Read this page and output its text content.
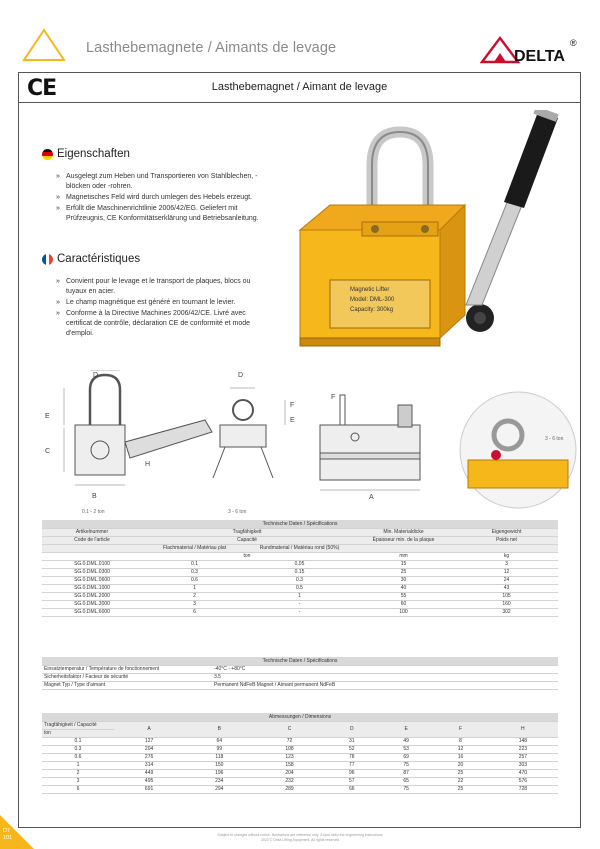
Lasthebemagnete / Aimants de levage	DELTA
®
CE	Lasthebemagnet / Aimant de levage
Eigenschaften
» Ausgelegt zum Heben und Transportieren von Stahlblechen, -blöcken oder -rohren.
» Magnetisches Feld wird durch umlegen des Hebels erzeugt.
» Erfüllt die Maschinenrichtlinie 2006/42/EG. Geliefert mit Prüfzeugnis, CE Konformitätserklärung und Betriebsanleitung.
Caractéristiques
» Convient pour le levage et le transport de plaques, blocs ou tuyaux en acier.
» Le champ magnétique est généré en tournant le levier.
» Conforme à la Directive Machines 2006/42/CE. Livré avec certificat de contrôle, déclaration CE de conformité et mode d'emploi.
Magnetic Lifter
Model: DML-300
Capacity: 300kg
D
E
C
H
B
0.1 - 2 ton
D
F
E
3 - 6 ton
F
A
3 - 6 ton
Technische Daten / Spécifications				
Artikelnummer	Tragfähigkeit		Min. Materialdicke	Eigengewicht
Code de l'article	Capacité		Épaisseur min. de la plaque	Poids net
	Flachmaterial / Matériau plat	Rundmaterial / Matériau rond (50%)		
	ton		mm	kg
SG.0.DML.0100	0.1	0.05	15	3
SG.0.DML.0300	0.3	0.15	25	12
SG.0.DML.0600	0.6	0.3	30	24
SG.0.DML.1000	1	0.5	40	43
SG.0.DML.2000	2	1	55	105
SG.0.DML.3000	3	-	60	160
SG.0.DML.6000	6	-	100	302
Technische Daten / Spécifications	
Einsatztemperatur / Température de fonctionnement	-40°C - +80°C
Sicherheitsfaktor / Facteur de sécurité	3.5
Magnet Typ / Type d'aimant	Permanent NdFeB Magnet / Aimant permanent NdFeB
Abmessungen / Dimensions							
Tragfähigkeit / Capacité	A	B	C	D	E	F	H
ton							
0.1	127	64	72	31	49	8	148
0.3	204	99	108	52	53	12	223
0.6	276	118	123	78	69	16	257
1	314	150	158	77	75	20	303
2	449	196	204	96	87	25	470
3	495	234	232	57	65	22	576
6	691	294	289	66	75	25	728
Subject to changes without notice. Illustrations are reference only. Ä bpoi sbbo the engineering instructions
2022 © Delta Lifting Equipment. All rights reserved
D7
101
